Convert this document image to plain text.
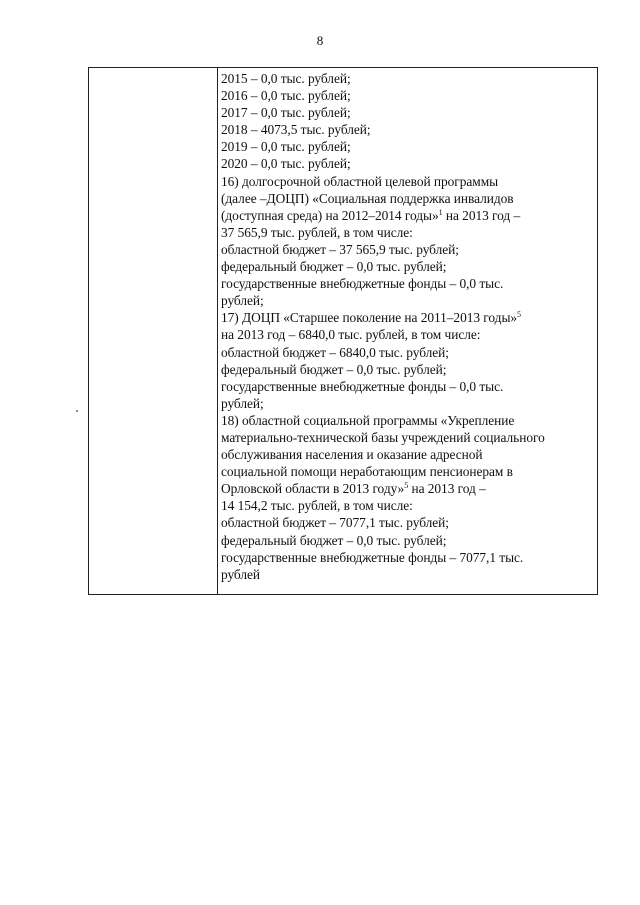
8
2015 – 0,0 тыс. рублей;
2016 – 0,0 тыс. рублей;
2017 – 0,0 тыс. рублей;
2018 – 4073,5 тыс. рублей;
2019 – 0,0 тыс. рублей;
2020 – 0,0 тыс. рублей;
16) долгосрочной областной целевой программы
(далее –ДОЦП) «Социальная поддержка инвалидов
(доступная среда) на 2012–2014 годы»$^1$ на 2013 год –
37 565,9 тыс. рублей, в том числе:
областной бюджет – 37 565,9 тыс. рублей;
федеральный бюджет – 0,0 тыс. рублей;
государственные внебюджетные фонды – 0,0 тыс.
рублей;
17) ДОЦП «Старшее поколение на 2011–2013 годы»$^5$
на 2013 год – 6840,0 тыс. рублей, в том числе:
областной бюджет – 6840,0 тыс. рублей;
федеральный бюджет – 0,0 тыс. рублей;
государственные внебюджетные фонды – 0,0 тыс.
рублей;
18) областной социальной программы «Укрепление
материально-технической базы учреждений социального
обслуживания населения и оказание адресной
социальной помощи неработающим пенсионерам в
Орловской области в 2013 году»$^5$ на 2013 год –
14 154,2 тыс. рублей, в том числе:
областной бюджет – 7077,1 тыс. рублей;
федеральный бюджет – 0,0 тыс. рублей;
государственные внебюджетные фонды – 7077,1 тыс.
рублей
